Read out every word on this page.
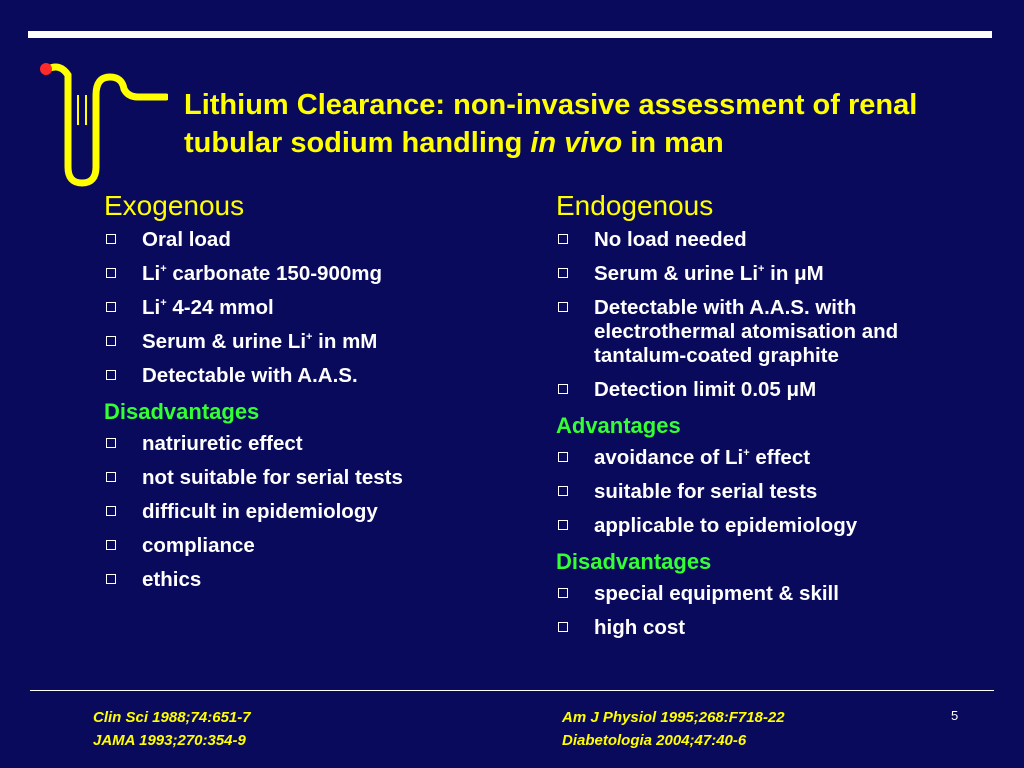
Lithium Clearance: non-invasive assessment of renal tubular sodium handling in vivo in man
Exogenous
Oral load
Li+ carbonate 150-900mg
Li+ 4-24 mmol
Serum & urine Li+ in mM
Detectable with A.A.S.
Disadvantages
natriuretic effect
not suitable for serial tests
difficult in epidemiology
compliance
ethics
Endogenous
No load needed
Serum & urine Li+ in μM
Detectable with A.A.S. with electrothermal atomisation and tantalum-coated graphite
Detection limit 0.05 μM
Advantages
avoidance of Li+ effect
suitable for serial tests
applicable to epidemiology
Disadvantages
special equipment & skill
high cost
Clin Sci 1988;74:651-7
JAMA 1993;270:354-9
Am J Physiol 1995;268:F718-22
Diabetologia 2004;47:40-6
5
